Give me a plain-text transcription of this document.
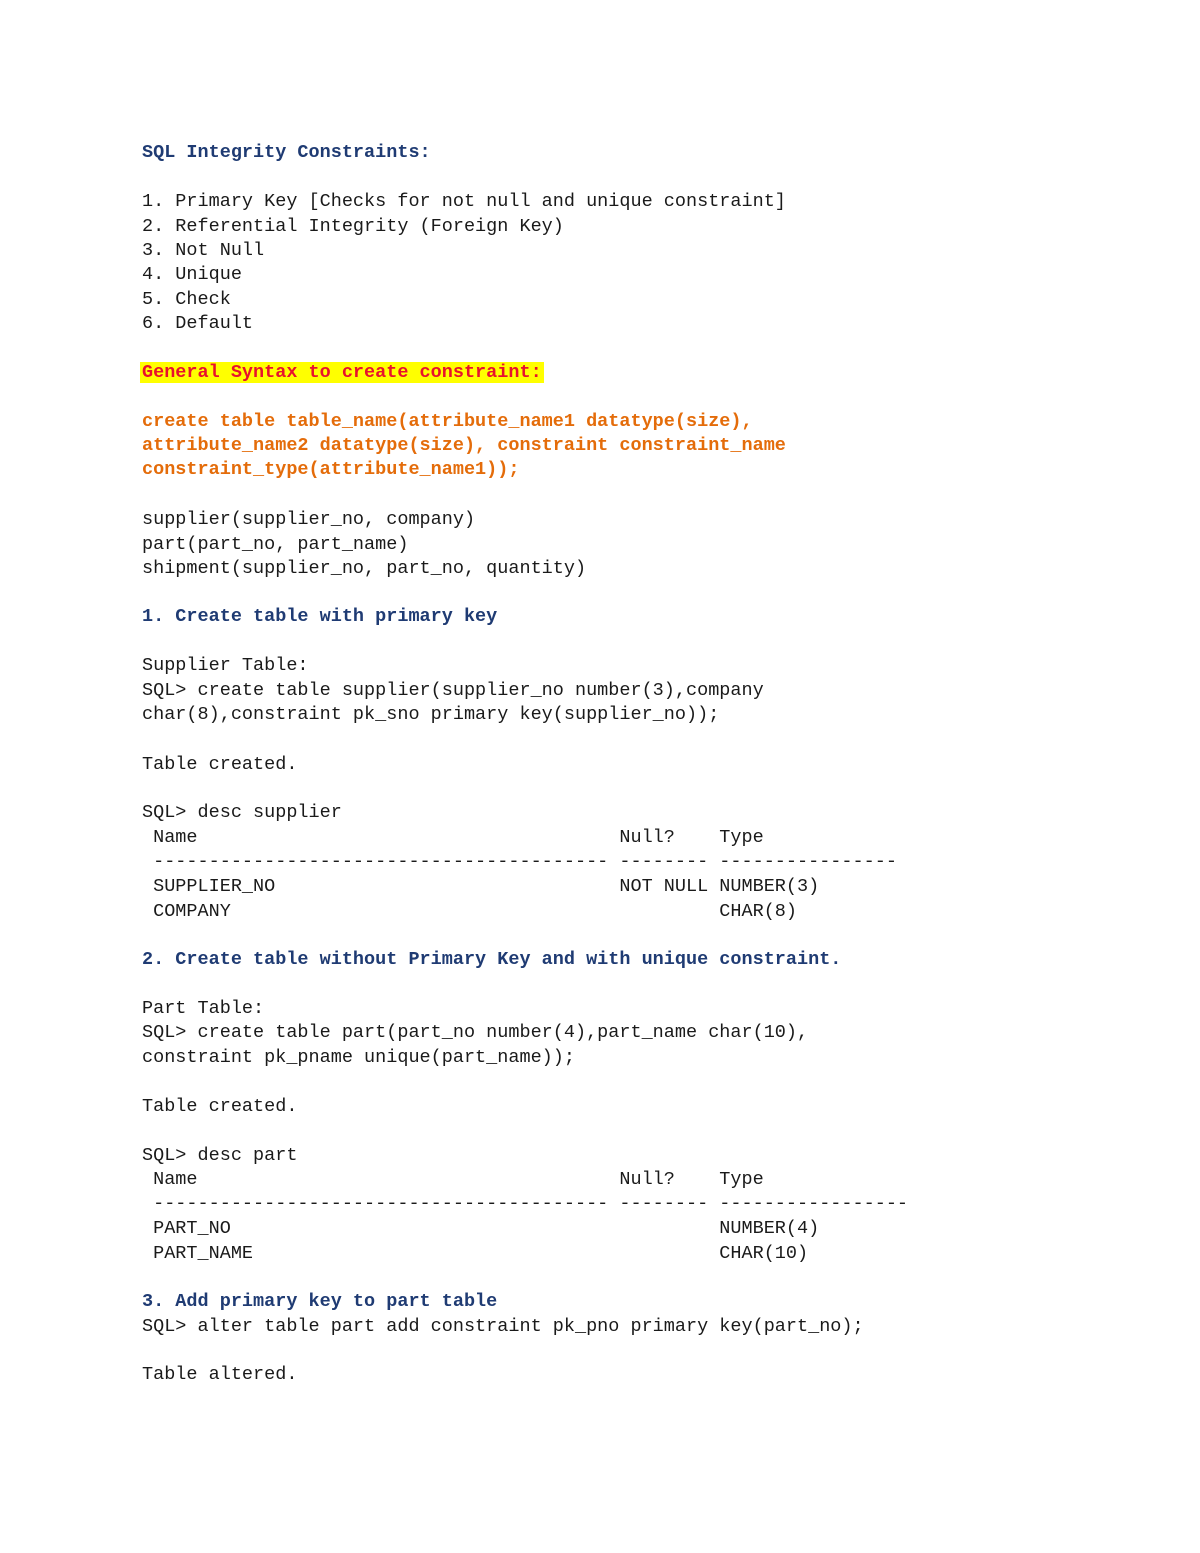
SQL Integrity Constraints:
1. Primary Key [Checks for not null and unique constraint]
2. Referential Integrity (Foreign Key)
3. Not Null
4. Unique
5. Check
6. Default
General Syntax to create constraint:
create table table_name(attribute_name1 datatype(size),
attribute_name2 datatype(size), constraint constraint_name
constraint_type(attribute_name1));
supplier(supplier_no, company)
part(part_no, part_name)
shipment(supplier_no, part_no, quantity)
1. Create table with primary key
Supplier Table:
SQL> create table supplier(supplier_no number(3),company
char(8),constraint pk_sno primary key(supplier_no));
Table created.
SQL> desc supplier
Name                                      Null?    Type
----------------------------------------- -------- ----------------
SUPPLIER_NO                               NOT NULL NUMBER(3)
COMPANY                                            CHAR(8)
2. Create table without Primary Key and with unique constraint.
Part Table:
SQL> create table part(part_no number(4),part_name char(10),
constraint pk_pname unique(part_name));
Table created.
SQL> desc part
Name                                      Null?    Type
----------------------------------------- -------- -----------------
PART_NO                                            NUMBER(4)
PART_NAME                                          CHAR(10)
3. Add primary key to part table
SQL> alter table part add constraint pk_pno primary key(part_no);
Table altered.
